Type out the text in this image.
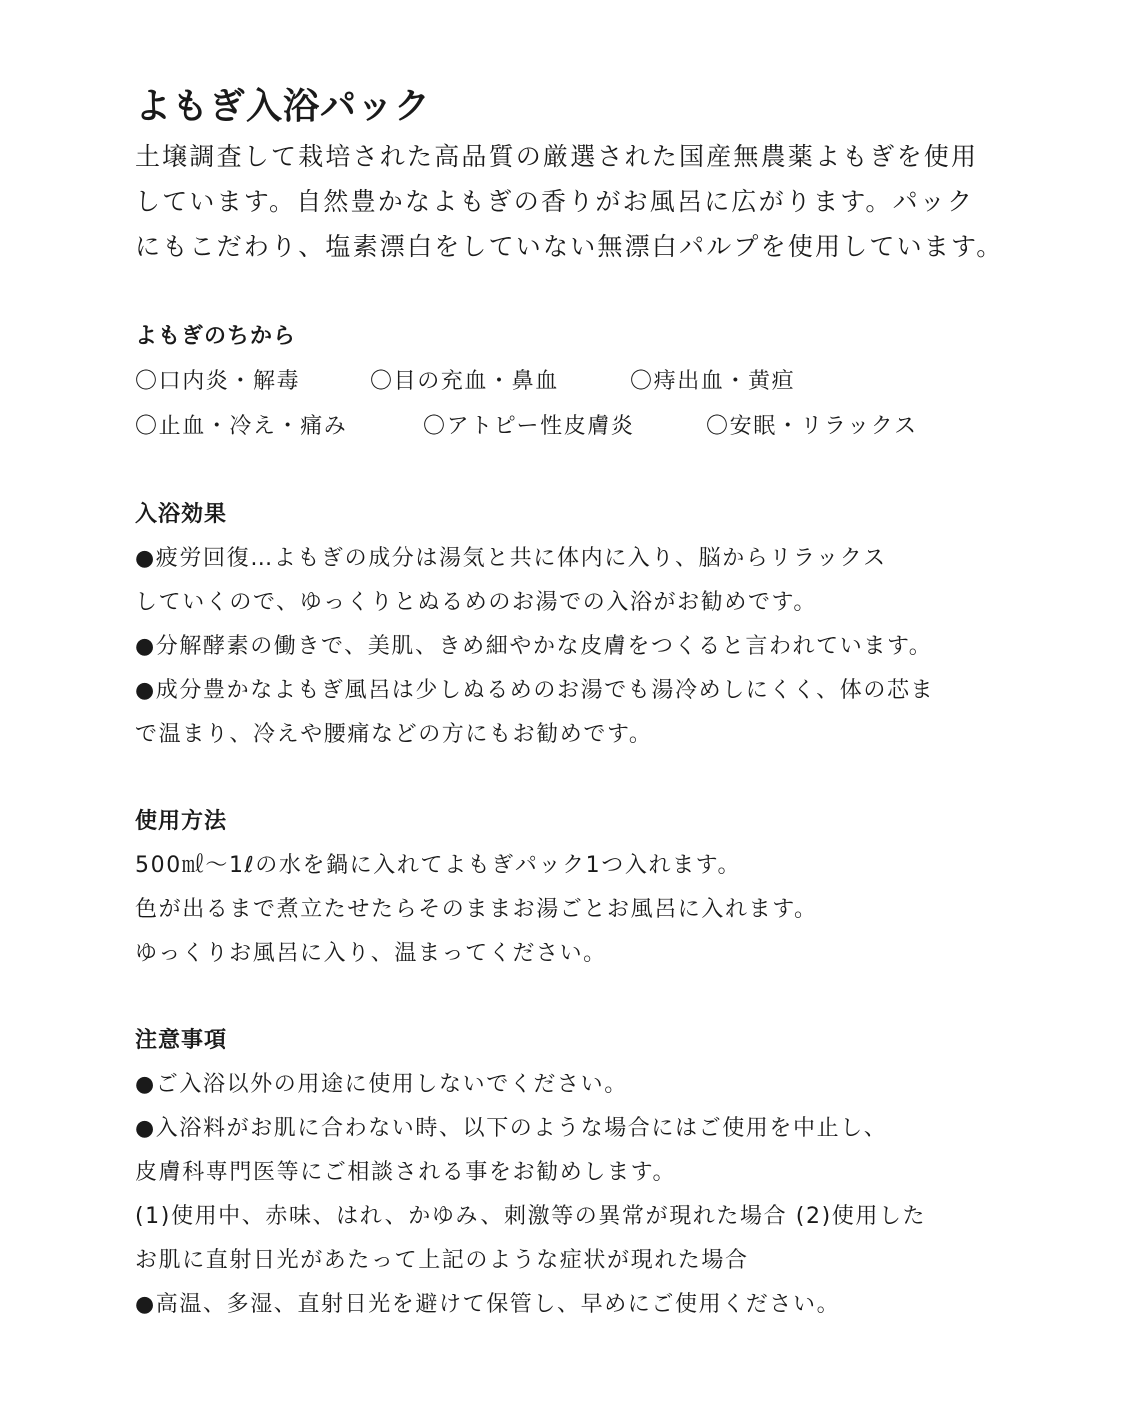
よもぎ入浴パック
土壌調査して栽培された高品質の厳選された国産無農薬よもぎを使用
しています。自然豊かなよもぎの香りがお風呂に広がります。パック
にもこだわり、塩素漂白をしていない無漂白パルプを使用しています。
よもぎのちから
〇口内炎・解毒	〇目の充血・鼻血	〇痔出血・黄疸
〇止血・冷え・痛み	〇アトピー性皮膚炎	〇安眠・リラックス
入浴効果
●疲労回復…よもぎの成分は湯気と共に体内に入り、脳からリラックス
していくので、ゆっくりとぬるめのお湯での入浴がお勧めです。
●分解酵素の働きで、美肌、きめ細やかな皮膚をつくると言われています。
●成分豊かなよもぎ風呂は少しぬるめのお湯でも湯冷めしにくく、体の芯ま
で温まり、冷えや腰痛などの方にもお勧めです。
使用方法
500㎖～1ℓの水を鍋に入れてよもぎパック1つ入れます。
色が出るまで煮立たせたらそのままお湯ごとお風呂に入れます。
ゆっくりお風呂に入り、温まってください。
注意事項
●ご入浴以外の用途に使用しないでください。
●入浴料がお肌に合わない時、以下のような場合にはご使用を中止し、
皮膚科専門医等にご相談される事をお勧めします。
(1)使用中、赤味、はれ、かゆみ、刺激等の異常が現れた場合 (2)使用した
お肌に直射日光があたって上記のような症状が現れた場合
●高温、多湿、直射日光を避けて保管し、早めにご使用ください。
